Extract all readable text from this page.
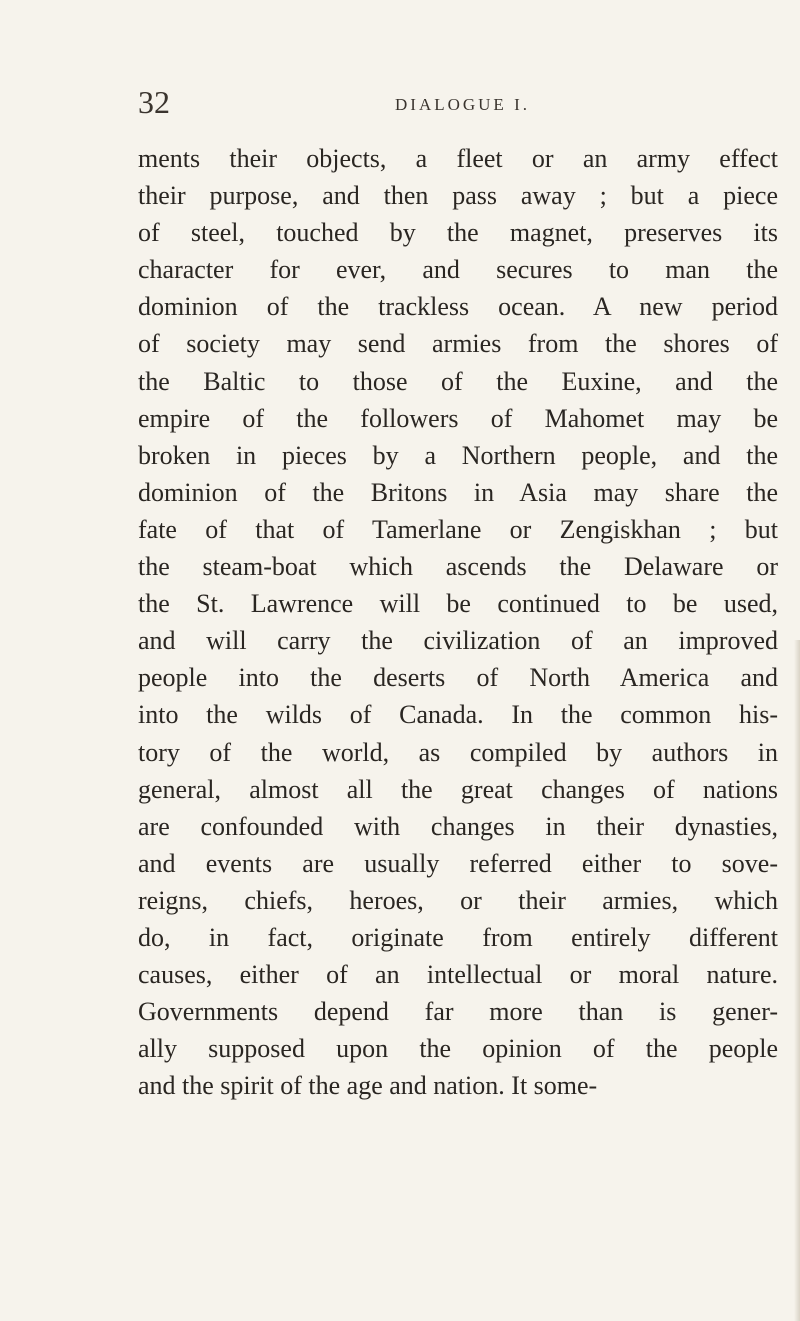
32	DIALOGUE I.
ments their objects, a fleet or an army effect
their purpose, and then pass away ; but a piece
of steel, touched by the magnet, preserves its
character for ever, and secures to man the
dominion of the trackless ocean. A new period
of society may send armies from the shores of
the Baltic to those of the Euxine, and the
empire of the followers of Mahomet may be
broken in pieces by a Northern people, and the
dominion of the Britons in Asia may share the
fate of that of Tamerlane or Zengiskhan ; but
the steam-boat which ascends the Delaware or
the St. Lawrence will be continued to be used,
and will carry the civilization of an improved
people into the deserts of North America and
into the wilds of Canada. In the common his-
tory of the world, as compiled by authors in
general, almost all the great changes of nations
are confounded with changes in their dynasties,
and events are usually referred either to sove-
reigns, chiefs, heroes, or their armies, which
do, in fact, originate from entirely different
causes, either of an intellectual or moral nature.
Governments depend far more than is gener-
ally supposed upon the opinion of the people
and the spirit of the age and nation. It some-
